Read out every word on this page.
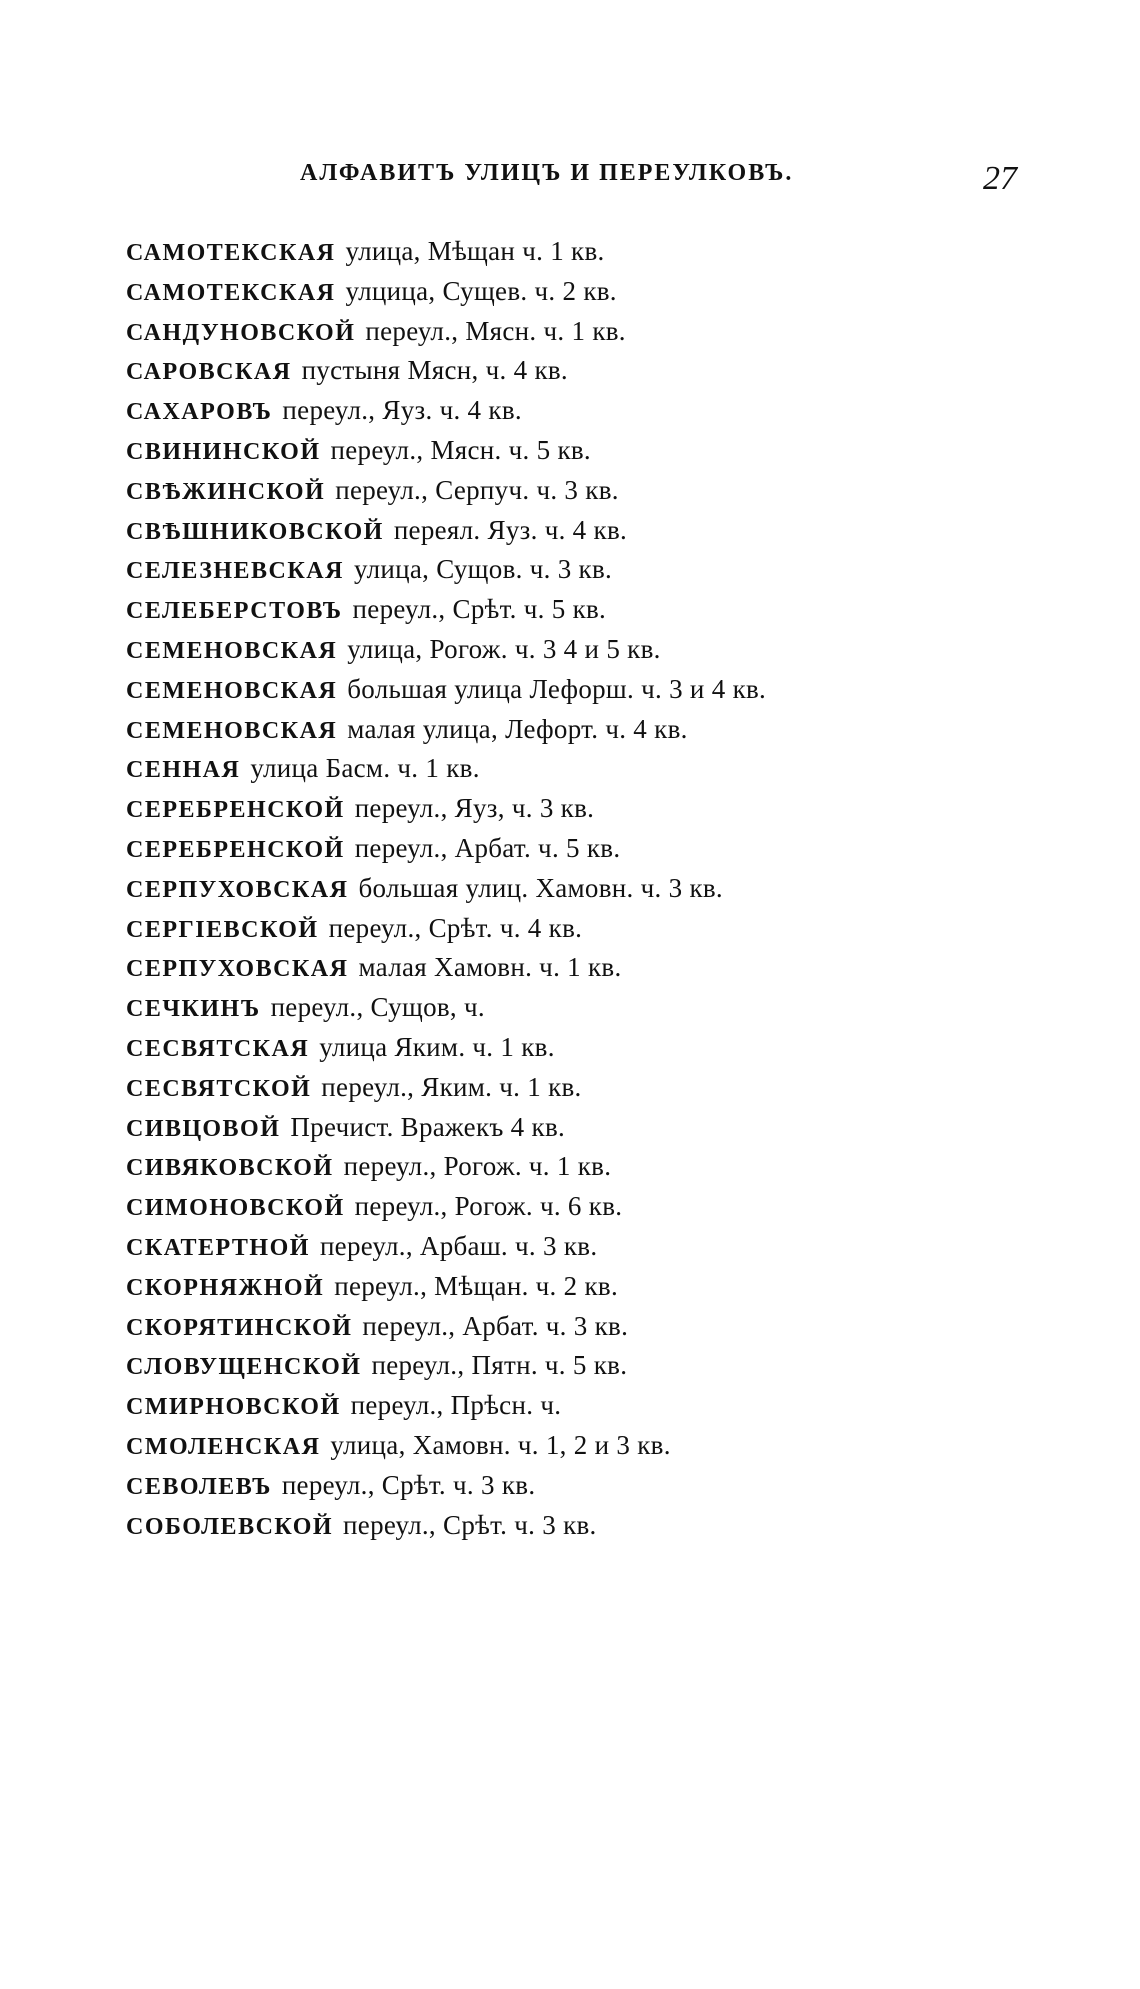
АЛФАВИТЪ УЛИЦЪ И ПЕРЕУЛКОВЪ.	27
САМОТЕКСКАЯ улица, Мѣщан ч. 1 кв.
САМОТЕКСКАЯ улцица, Сущев. ч. 2 кв.
САНДУНОВСКОЙ переул., Мясн. ч. 1 кв.
САРОВСКАЯ пустыня Мясн, ч. 4 кв.
САХАРОВЪ переул., Яуз. ч. 4 кв.
СВИНИНСКОЙ переул., Мясн. ч. 5 кв.
СВѢЖИНСКОЙ переул., Серпуч. ч. 3 кв.
СВѢШНИКОВСКОЙ переял. Яуз. ч. 4 кв.
СЕЛЕЗНЕВСКАЯ улица, Сущов. ч. 3 кв.
СЕЛЕБЕРСТОВЪ переул., Срѣт. ч. 5 кв.
СЕМЕНОВСКАЯ улица, Рогож. ч. 3 4 и 5 кв.
СЕМЕНОВСКАЯ большая улица Лефорш. ч. 3 и 4 кв.
СЕМЕНОВСКАЯ малая улица, Лефорт. ч. 4 кв.
СЕННАЯ улица Басм. ч. 1 кв.
СЕРЕБРЕНСКОЙ переул., Яуз, ч. 3 кв.
СЕРЕБРЕНСКОЙ переул., Арбат. ч. 5 кв.
СЕРПУХОВСКАЯ большая улиц. Хамовн. ч. 3 кв.
СЕРГІЕВСКОЙ переул., Срѣт. ч. 4 кв.
СЕРПУХОВСКАЯ малая Хамовн. ч. 1 кв.
СЕЧКИНЪ переул., Сущов, ч.
СЕСВЯТСКАЯ улица Яким. ч. 1 кв.
СЕСВЯТСКОЙ переул., Яким. ч. 1 кв.
СИВЦОВОЙ Пречист. Вражекъ 4 кв.
СИВЯКОВСКОЙ переул., Рогож. ч. 1 кв.
СИМОНОВСКОЙ переул., Рогож. ч. 6 кв.
СКАТЕРТНОЙ переул., Арбаш. ч. 3 кв.
СКОРНЯЖНОЙ переул., Мѣщан. ч. 2 кв.
СКОРЯТИНСКОЙ переул., Арбат. ч. 3 кв.
СЛОВУЩЕНСКОЙ переул., Пятн. ч. 5 кв.
СМИРНОВСКОЙ переул., Прѣсн. ч.
СМОЛЕНСКАЯ улица, Хамовн. ч. 1, 2 и 3 кв.
СЕВОЛЕВЪ переул., Срѣт. ч. 3 кв.
СОБОЛЕВСКОЙ переул., Срѣт. ч. 3 кв.
